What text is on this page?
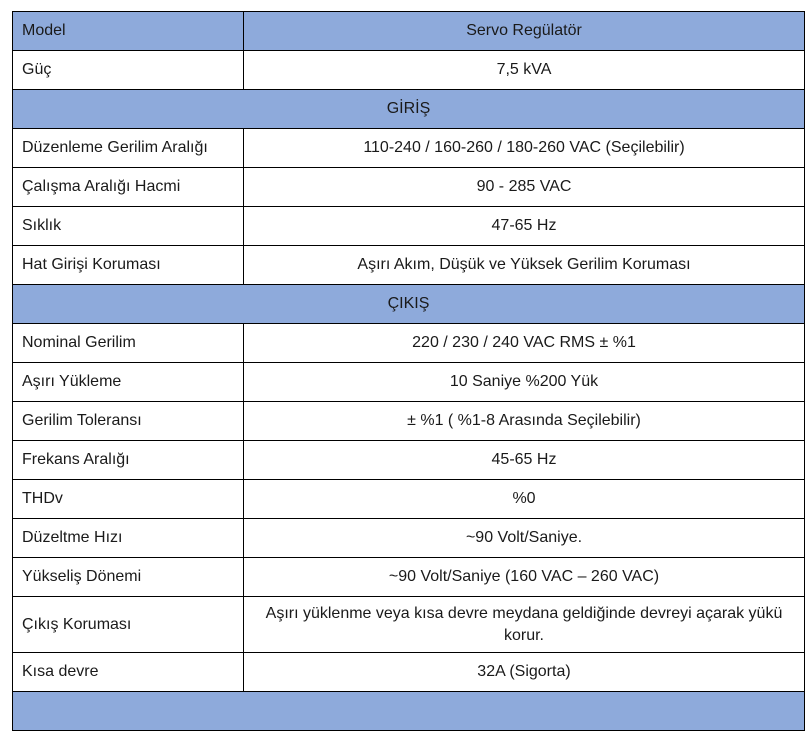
Model	Servo Regülatör
Güç	7,5 kVA
GİRİŞ	
Düzenleme Gerilim Aralığı	110-240 / 160-260 / 180-260 VAC (Seçilebilir)
Çalışma Aralığı Hacmi	90 - 285 VAC
Sıklık	47-65 Hz
Hat Girişi Koruması	Aşırı Akım, Düşük ve Yüksek Gerilim Koruması
ÇIKIŞ	
Nominal Gerilim	220 / 230 / 240 VAC RMS ± %1
Aşırı Yükleme	10 Saniye %200 Yük
Gerilim Toleransı	± %1 ( %1-8 Arasında Seçilebilir)
Frekans Aralığı	45-65 Hz
THDv	%0
Düzeltme Hızı	~90 Volt/Saniye.
Yükseliş Dönemi	~90 Volt/Saniye (160 VAC – 260 VAC)
Çıkış Koruması	Aşırı yüklenme veya kısa devre meydana geldiğinde devreyi açarak yükü korur.
Kısa devre	32A (Sigorta)
